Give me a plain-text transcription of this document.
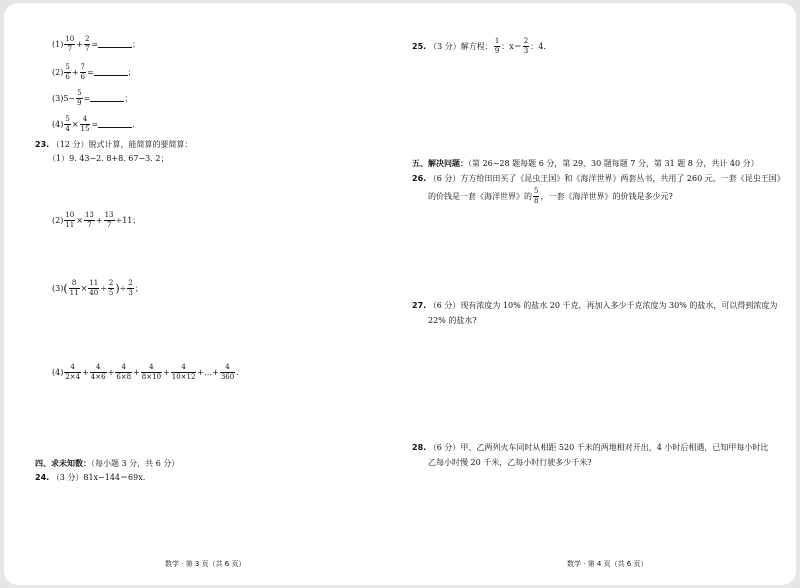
$(1) \frac{10}{7} + \frac{2}{7}$ =	；
$(2) \frac{5}{6} + \frac{7}{6}$ =	；
(3) $5- \frac{5}{9}$ =	；
$(4) \frac{5}{4} \times \frac{4}{15}$ =	.
23. （12 分）脱式计算，能简算的要简算：
（1）9. 43−2. 8+8. 67−3. 2；
$(2) \frac{10}{11} \times \frac{13}{7} + \frac{13}{7} \div 11$；
(3) ( $\frac{8}{11} \times \frac{11}{40} \div \frac{2}{5}$ ) ÷ $\frac{2}{3}$ ；
$(4) \frac{4}{2\times 4} + \frac{4}{4\times 6} + \frac{4}{6\times 8} + \frac{4}{8\times 10} + \frac{4}{10\times 12}$ +…+ $\frac{4}{360}$ .
四、求未知数：（每小题 3 分，共 6 分）
24. （3 分）81x−144＝69x.
数学 · 第 3 页（共 6 页）
25. （3 分）解方程： $\frac{1}{9}$ ：$x= \frac{2}{3}$ ：4.
五、解决问题：（第 26~28 题每题 6 分，第 29、30 题每题 7 分，第 31 题 8 分，共计 40 分）
26. （6 分）方方给田田买了《昆虫王国》和《海洋世界》两套丛书，共用了 260 元，一套《昆虫王国》
的价钱是一套《海洋世界》的 $\frac{5}{8}$ ，一套《海洋世界》的价钱是多少元?
27. （6 分）现有浓度为 10% 的盐水 20 千克，再加入多少千克浓度为 30% 的盐水，可以得到浓度为
22% 的盐水?
28. （6 分）甲、乙两列火车同时从相距 520 千米的两地相对开出，4 小时后相遇，已知甲每小时比
乙每小时慢 20 千米，乙每小时行驶多少千米?
数学 · 第 4 页（共 6 页）
